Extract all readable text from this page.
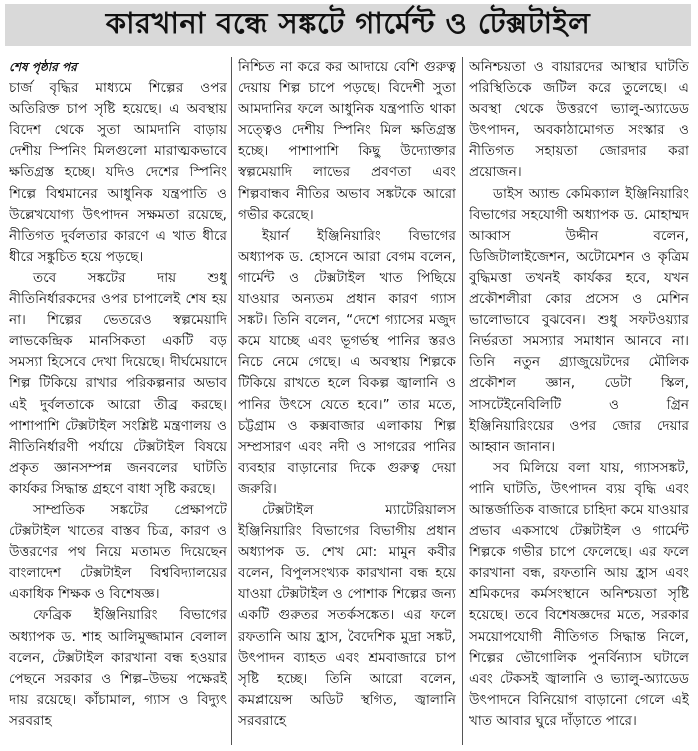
কারখানা বন্ধে সঙ্কটে গার্মেন্ট ও টেক্সটাইল

শেষ পৃষ্ঠার পর

চার্জ বৃদ্ধির মাধ্যমে শিল্পের ওপর অতিরিক্ত চাপ সৃষ্টি হয়েছে। এ অবস্থায় বিদেশ থেকে সুতা আমদানি বাড়ায় দেশীয় স্পিনিং মিলগুলো মারাত্মকভাবে ক্ষতিগ্রস্ত হচ্ছে। যদিও দেশের স্পিনিং শিল্পে বিশ্বমানের আধুনিক যন্ত্রপাতি ও উল্লেখযোগ্য উৎপাদন সক্ষমতা রয়েছে, নীতিগত দুর্বলতার কারণে এ খাত ধীরে ধীরে সঙ্কুচিত হয়ে পড়ছে।

তবে সঙ্কটের দায় শুধু নীতিনির্ধারকদের ওপর চাপালেই শেষ হয় না। শিল্পের ভেতরেও স্বল্পমেয়াদি লাভকেন্দ্রিক মানসিকতা একটি বড় সমস্যা হিসেবে দেখা দিয়েছে। দীর্ঘমেয়াদে শিল্প টিকিয়ে রাখার পরিকল্পনার অভাব এই দুর্বলতাকে আরো তীব্র করছে। পাশাপাশি টেক্সটাইল সংশ্লিষ্ট মন্ত্রণালয় ও নীতিনির্ধারণী পর্যায়ে টেক্সটাইল বিষয়ে প্রকৃত জ্ঞানসম্পন্ন জনবলের ঘাটতি কার্যকর সিদ্ধান্ত গ্রহণে বাধা সৃষ্টি করছে।

সাম্প্রতিক সঙ্কটের প্রেক্ষাপটে টেক্সটাইল খাতের বাস্তব চিত্র, কারণ ও উত্তরণের পথ নিয়ে মতামত দিয়েছেন বাংলাদেশ টেক্সটাইল বিশ্ববিদ্যালয়ের একাধিক শিক্ষক ও বিশেষজ্ঞ।

ফেব্রিক ইঞ্জিনিয়ারিং বিভাগের অধ্যাপক ড. শাহ আলিমুজ্জামান বেলাল বলেন, টেক্সটাইল কারখানা বন্ধ হওয়ার পেছনে সরকার ও শিল্প–উভয় পক্ষেরই দায় রয়েছে। কাঁচামাল, গ্যাস ও বিদ্যুৎ সরবরাহ

নিশ্চিত না করে কর আদায়ে বেশি গুরুত্ব দেয়ায় শিল্প চাপে পড়ছে। বিদেশী সুতা আমদানির ফলে আধুনিক যন্ত্রপাতি থাকা সত্ত্বেও দেশীয় স্পিনিং মিল ক্ষতিগ্রস্ত হচ্ছে। পাশাপাশি কিছু উদ্যোক্তার স্বল্পমেয়াদি লাভের প্রবণতা এবং শিল্পবান্ধব নীতির অভাব সঙ্কটকে আরো গভীর করেছে।

ইয়ার্ন ইঞ্জিনিয়ারিং বিভাগের অধ্যাপক ড. হোসনে আরা বেগম বলেন, গার্মেন্ট ও টেক্সটাইল খাত পিছিয়ে যাওয়ার অন্যতম প্রধান কারণ গ্যাস সঙ্কট। তিনি বলেন, “দেশে গ্যাসের মজুদ কমে যাচ্ছে এবং ভূগর্ভস্থ পানির স্তরও নিচে নেমে গেছে। এ অবস্থায় শিল্পকে টিকিয়ে রাখতে হলে বিকল্প জ্বালানি ও পানির উৎসে যেতে হবে।” তার মতে, চট্টগ্রাম ও কক্সবাজার এলাকায় শিল্প সম্প্রসারণ এবং নদী ও সাগরের পানির ব্যবহার বাড়ানোর দিকে গুরুত্ব দেয়া জরুরি।

টেক্সটাইল ম্যাটেরিয়ালস ইঞ্জিনিয়ারিং বিভাগের বিভাগীয় প্রধান অধ্যাপক ড. শেখ মো: মামুন কবীর বলেন, বিপুলসংখ্যক কারখানা বন্ধ হয়ে যাওয়া টেক্সটাইল ও পোশাক শিল্পের জন্য একটি গুরুতর সতর্কসঙ্কেত। এর ফলে রফতানি আয় হ্রাস, বৈদেশিক মুদ্রা সঙ্কট, উৎপাদন ব্যাহত এবং শ্রমবাজারে চাপ সৃষ্টি হচ্ছে। তিনি আরো বলেন, কমপ্লায়েন্স অডিট স্থগিত, জ্বালানি সরবরাহে

অনিশ্চয়তা ও বায়ারদের আস্থার ঘাটতি পরিস্থিতিকে জটিল করে তুলেছে। এ অবস্থা থেকে উত্তরণে ভ্যালু-অ্যাডেড উৎপাদন, অবকাঠামোগত সংস্কার ও নীতিগত সহায়তা জোরদার করা প্রয়োজন।

ডাইস অ্যান্ড কেমিক্যাল ইঞ্জিনিয়ারিং বিভাগের সহযোগী অধ্যাপক ড. মোহাম্মদ আব্বাস উদ্দীন বলেন, ডিজিটালাইজেশন, অটোমেশন ও কৃত্রিম বুদ্ধিমত্তা তখনই কার্যকর হবে, যখন প্রকৌশলীরা কোর প্রসেস ও মেশিন ভালোভাবে বুঝবেন। শুধু সফটওয়্যার নির্ভরতা সমস্যার সমাধান আনবে না। তিনি নতুন গ্র্যাজুয়েটদের মৌলিক প্রকৌশল জ্ঞান, ডেটা স্কিল, সাসটেইনেবিলিটি ও গ্রিন ইঞ্জিনিয়ারিংয়ের ওপর জোর দেয়ার আহ্বান জানান।

সব মিলিয়ে বলা যায়, গ্যাসসঙ্কট, পানি ঘাটতি, উৎপাদন ব্যয় বৃদ্ধি এবং আন্তর্জাতিক বাজারে চাহিদা কমে যাওয়ার প্রভাব একসাথে টেক্সটাইল ও গার্মেন্ট শিল্পকে গভীর চাপে ফেলেছে। এর ফলে কারখানা বন্ধ, রফতানি আয় হ্রাস এবং শ্রমিকদের কর্মসংস্থানে অনিশ্চয়তা সৃষ্টি হয়েছে। তবে বিশেষজ্ঞদের মতে, সরকার সময়োপযোগী নীতিগত সিদ্ধান্ত নিলে, শিল্পের ভৌগোলিক পুনর্বিন্যাস ঘটালে এবং টেকসই জ্বালানি ও ভ্যালু-অ্যাডেড উৎপাদনে বিনিয়োগ বাড়ানো গেলে এই খাত আবার ঘুরে দাঁড়াতে পারে।
